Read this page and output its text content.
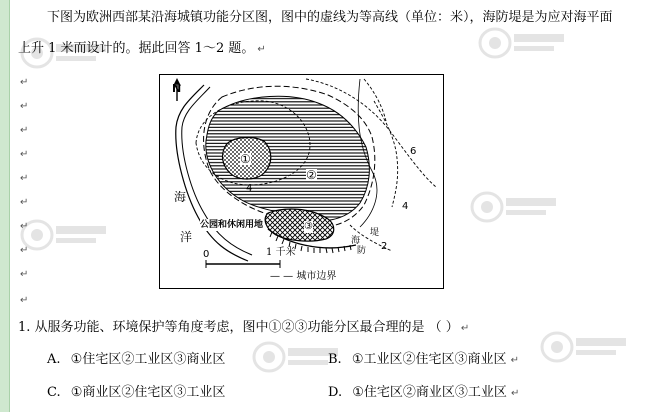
下图为欧洲西部某沿海城镇功能分区图，图中的虚线为等高线（单位：米），海防堤是为应对海平面
上升 1 米而设计的。据此回答 1～2 题。 ↵
↵
↵
↵
↵
↵
↵
↵
↵
↵
↵
N
海
洋
①
②
③
公园和休闲用地
海
防
堤
6
4
4
2
0	1 千米
— — 城市边界
1. 从服务功能、环境保护等角度考虑，图中①②③功能分区最合理的是 （ ） ↵
A. ①住宅区②工业区③商业区	B. ①工业区②住宅区③商业区 ↵
C. ①商业区②住宅区③工业区	D. ①住宅区②商业区③工业区 ↵
